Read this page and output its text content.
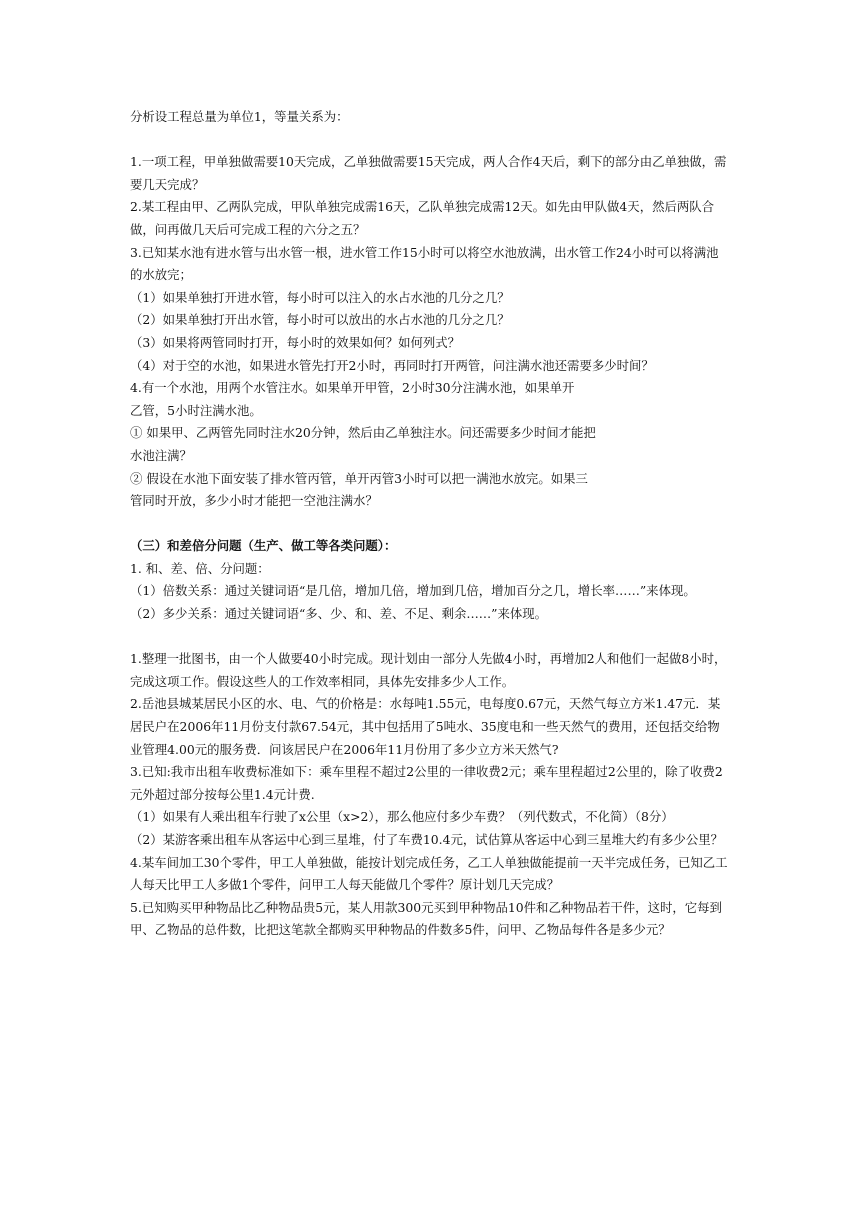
分析设工程总量为单位1，等量关系为：

1.一项工程，甲单独做需要10天完成，乙单独做需要15天完成，两人合作4天后，剩下的部分由乙单独做，需要几天完成？

2.某工程由甲、乙两队完成，甲队单独完成需16天，乙队单独完成需12天。如先由甲队做4天，然后两队合做，问再做几天后可完成工程的六分之五？

3.已知某水池有进水管与出水管一根，进水管工作15小时可以将空水池放满，出水管工作24小时可以将满池的水放完；

（1）如果单独打开进水管，每小时可以注入的水占水池的几分之几？

（2）如果单独打开出水管，每小时可以放出的水占水池的几分之几？

（3）如果将两管同时打开，每小时的效果如何？如何列式？

（4）对于空的水池，如果进水管先打开2小时，再同时打开两管，问注满水池还需要多少时间？

4.有一个水池，用两个水管注水。如果单开甲管，2小时30分注满水池，如果单开

乙管，5小时注满水池。

① 如果甲、乙两管先同时注水20分钟，然后由乙单独注水。问还需要多少时间才能把

水池注满？

② 假设在水池下面安装了排水管丙管，单开丙管3小时可以把一满池水放完。如果三

管同时开放，多少小时才能把一空池注满水？

（三）和差倍分问题（生产、做工等各类问题）：

1. 和、差、倍、分问题：

（1）倍数关系：通过关键词语“是几倍，增加几倍，增加到几倍，增加百分之几，增长率……”来体现。

（2）多少关系：通过关键词语“多、少、和、差、不足、剩余……”来体现。

1.整理一批图书，由一个人做要40小时完成。现计划由一部分人先做4小时，再增加2人和他们一起做8小时，完成这项工作。假设这些人的工作效率相同，具体先安排多少人工作。

2.岳池县城某居民小区的水、电、气的价格是：水每吨1.55元，电每度0.67元，天然气每立方米1.47元．某居民户在2006年11月份支付款67.54元，其中包括用了5吨水、35度电和一些天然气的费用，还包括交给物业管理4.00元的服务费．问该居民户在2006年11月份用了多少立方米天然气?

3.已知:我市出租车收费标准如下：乘车里程不超过2公里的一律收费2元；乘车里程超过2公里的，除了收费2元外超过部分按每公里1.4元计费.

（1）如果有人乘出租车行驶了x公里（x>2），那么他应付多少车费？（列代数式，不化简）（8分）

（2）某游客乘出租车从客运中心到三星堆，付了车费10.4元，试估算从客运中心到三星堆大约有多少公里？

4.某车间加工30个零件，甲工人单独做，能按计划完成任务，乙工人单独做能提前一天半完成任务，已知乙工人每天比甲工人多做1个零件，问甲工人每天能做几个零件？原计划几天完成？

5.已知购买甲种物品比乙种物品贵5元，某人用款300元买到甲种物品10件和乙种物品若干件，这时，它每到甲、乙物品的总件数，比把这笔款全都购买甲种物品的件数多5件，问甲、乙物品每件各是多少元？
